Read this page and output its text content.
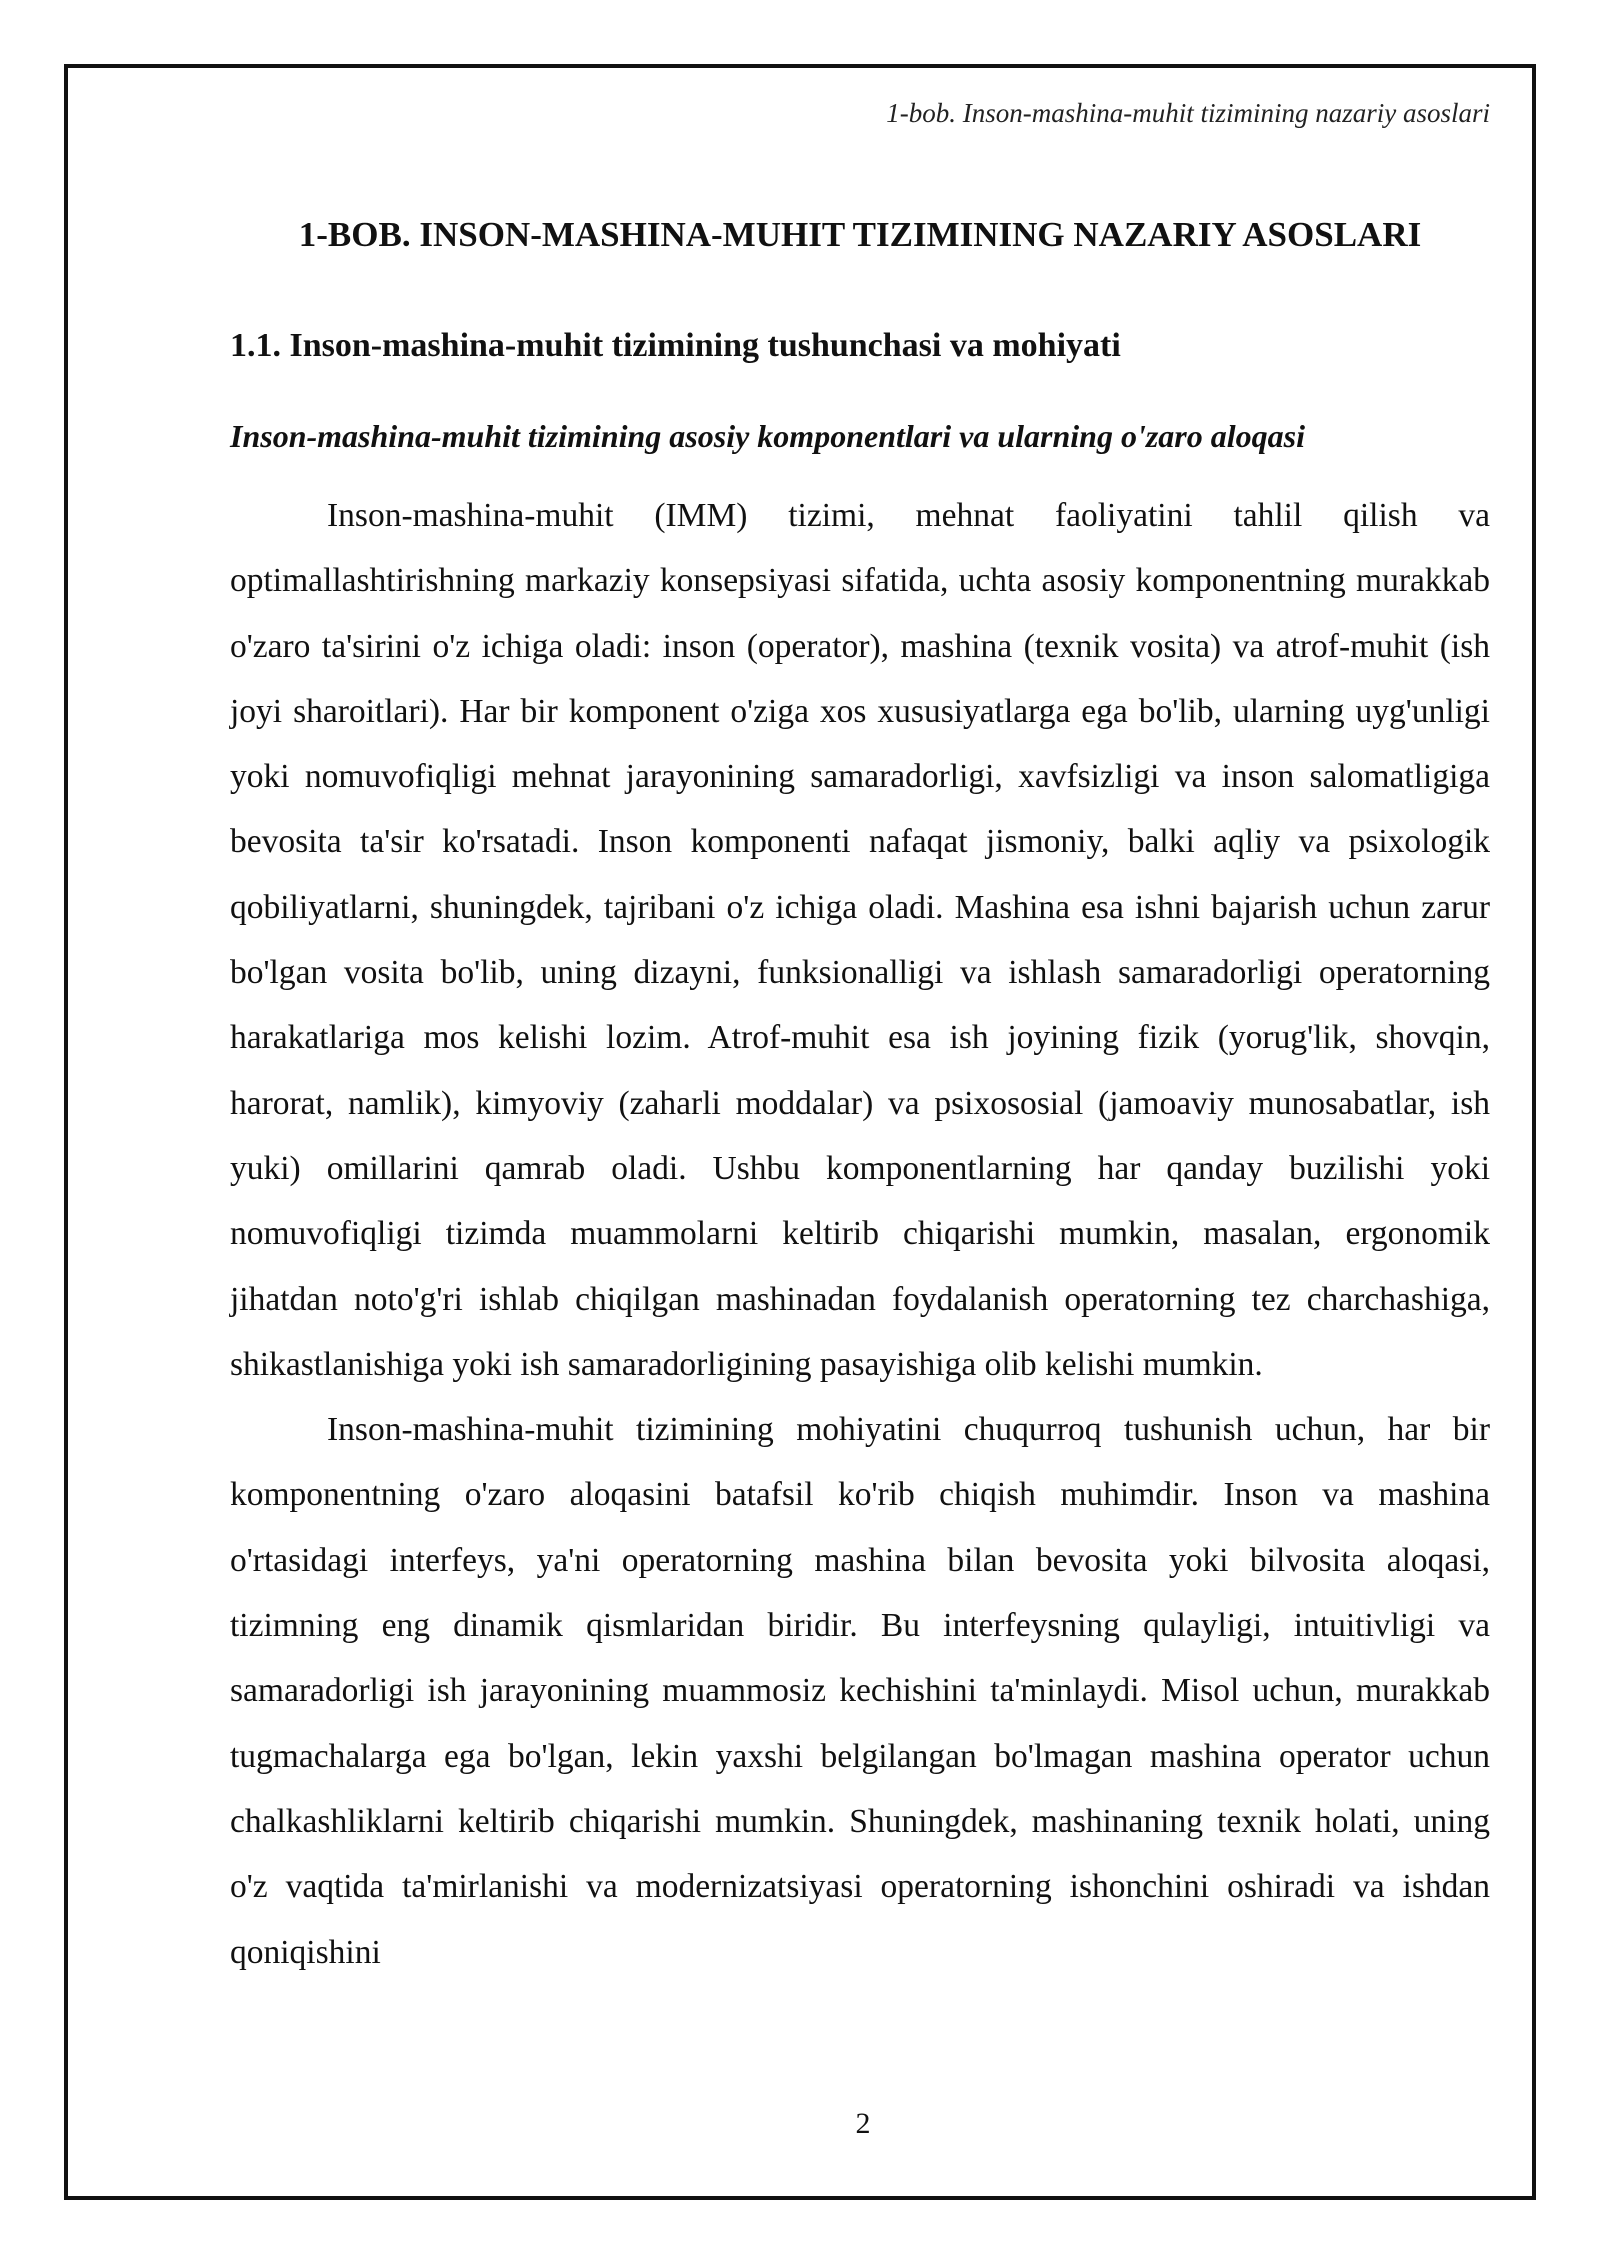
1-bob. Inson-mashina-muhit tizimining nazariy asoslari
1-BOB. INSON-MASHINA-MUHIT TIZIMINING NAZARIY ASOSLARI
1.1. Inson-mashina-muhit tizimining tushunchasi va mohiyati
Inson-mashina-muhit tizimining asosiy komponentlari va ularning o'zaro aloqasi

Inson-mashina-muhit (IMM) tizimi, mehnat faoliyatini tahlil qilish va optimallashtirishning markaziy konsepsiyasi sifatida, uchta asosiy komponentning murakkab o'zaro ta'sirini o'z ichiga oladi: inson (operator), mashina (texnik vosita) va atrof-muhit (ish joyi sharoitlari). Har bir komponent o'ziga xos xususiyatlarga ega bo'lib, ularning uyg'unligi yoki nomuvofiqligi mehnat jarayonining samaradorligi, xavfsizligi va inson salomatligiga bevosita ta'sir ko'rsatadi. Inson komponenti nafaqat jismoniy, balki aqliy va psixologik qobiliyatlarni, shuningdek, tajribani o'z ichiga oladi. Mashina esa ishni bajarish uchun zarur bo'lgan vosita bo'lib, uning dizayni, funksionalligi va ishlash samaradorligi operatorning harakatlariga mos kelishi lozim. Atrof-muhit esa ish joyining fizik (yorug'lik, shovqin, harorat, namlik), kimyoviy (zaharli moddalar) va psixososial (jamoaviy munosabatlar, ish yuki) omillarini qamrab oladi. Ushbu komponentlarning har qanday buzilishi yoki nomuvofiqligi tizimda muammolarni keltirib chiqarishi mumkin, masalan, ergonomik jihatdan noto'g'ri ishlab chiqilgan mashinadan foydalanish operatorning tez charchashiga, shikastlanishiga yoki ish samaradorligining pasayishiga olib kelishi mumkin.

Inson-mashina-muhit tizimining mohiyatini chuqurroq tushunish uchun, har bir komponentning o'zaro aloqasini batafsil ko'rib chiqish muhimdir. Inson va mashina o'rtasidagi interfeys, ya'ni operatorning mashina bilan bevosita yoki bilvosita aloqasi, tizimning eng dinamik qismlaridan biridir. Bu interfeysning qulayligi, intuitivligi va samaradorligi ish jarayonining muammosiz kechishini ta'minlaydi. Misol uchun, murakkab tugmachalarga ega bo'lgan, lekin yaxshi belgilangan bo'lmagan mashina operator uchun chalkashliklarni keltirib chiqarishi mumkin. Shuningdek, mashinaning texnik holati, uning o'z vaqtida ta'mirlanishi va modernizatsiyasi operatorning ishonchini oshiradi va ishdan qoniqishini

2
